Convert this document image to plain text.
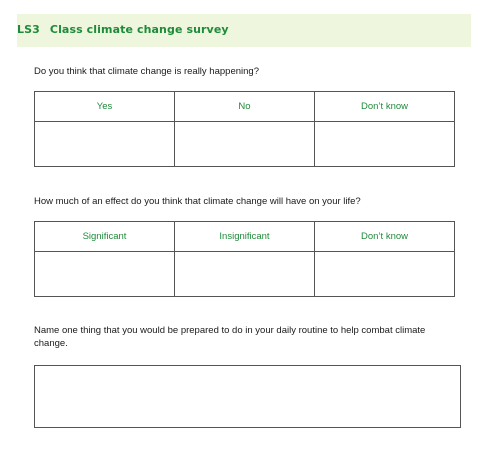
LS3 Class climate change survey
Do you think that climate change is really happening?
Yes	No	Don’t know

How much of an effect do you think that climate change will have on your life?
Significant	Insignificant	Don’t know

Name one thing that you would be prepared to do in your daily routine to help combat climate change.
